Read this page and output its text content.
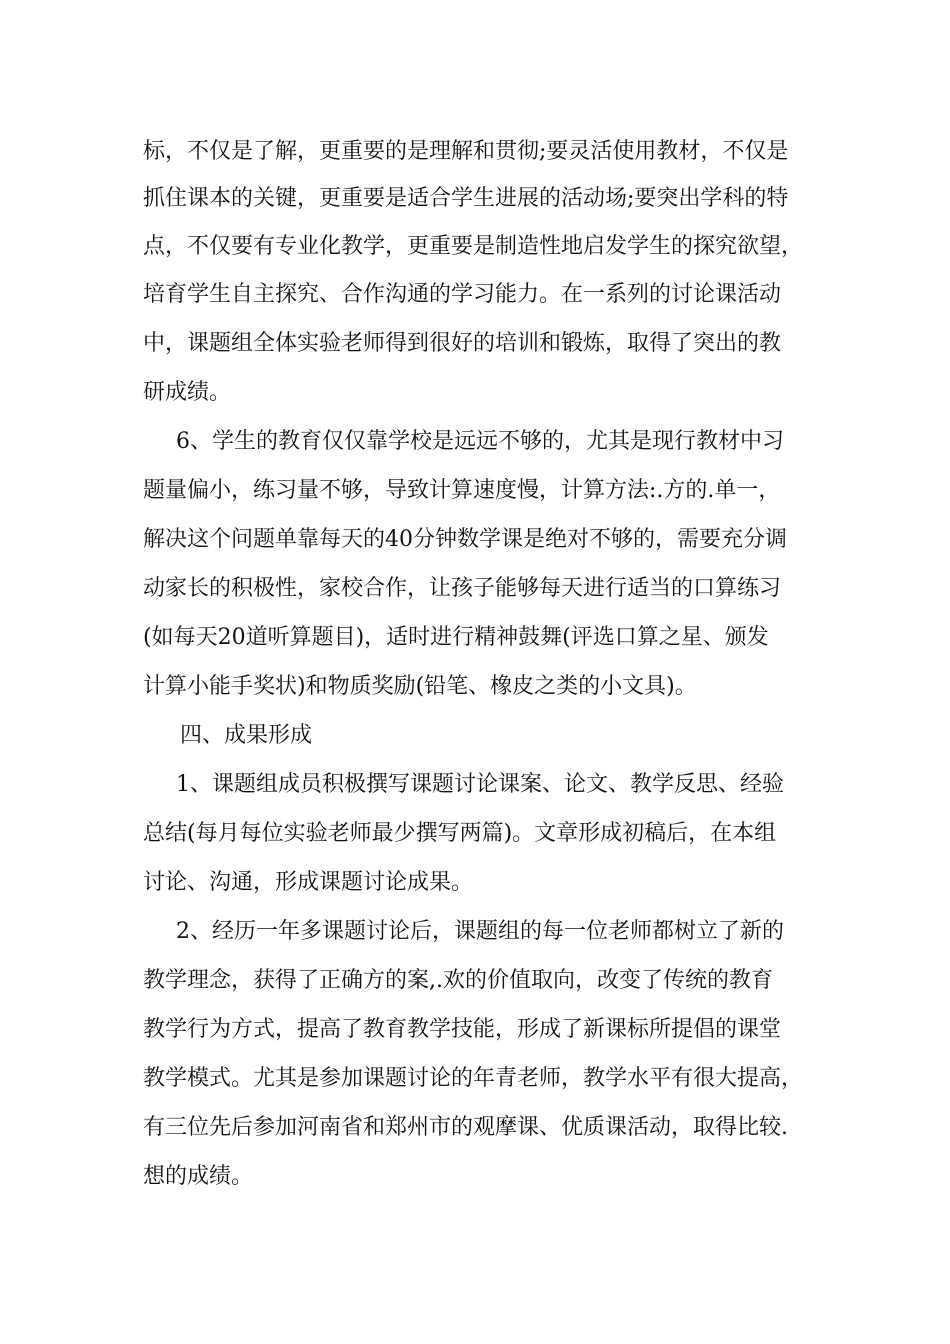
标，不仅是了解，更重要的是理解和贯彻;要灵活使用教材，不仅是
抓住课本的关键，更重要是适合学生进展的活动场;要突出学科的特
点，不仅要有专业化教学，更重要是制造性地启发学生的探究欲望，
培育学生自主探究、合作沟通的学习能力。在一系列的讨论课活动
中，课题组全体实验老师得到很好的培训和锻炼，取得了突出的教
研成绩。
6、学生的教育仅仅靠学校是远远不够的，尤其是现行教材中习
题量偏小，练习量不够，导致计算速度慢，计算方法:.方的.单一，
解决这个问题单靠每天的40分钟数学课是绝对不够的，需要充分调
动家长的积极性，家校合作，让孩子能够每天进行适当的口算练习
(如每天20道听算题目)，适时进行精神鼓舞(评选口算之星、颁发
计算小能手奖状)和物质奖励(铅笔、橡皮之类的小文具)。
四、成果形成
1、课题组成员积极撰写课题讨论课案、论文、教学反思、经验
总结(每月每位实验老师最少撰写两篇)。文章形成初稿后，在本组
讨论、沟通，形成课题讨论成果。
2、经历一年多课题讨论后，课题组的每一位老师都树立了新的
教学理念，获得了正确方的案,.欢的价值取向，改变了传统的教育
教学行为方式，提高了教育教学技能，形成了新课标所提倡的课堂
教学模式。尤其是参加课题讨论的年青老师，教学水平有很大提高，
有三位先后参加河南省和郑州市的观摩课、优质课活动，取得比较.
想的成绩。
